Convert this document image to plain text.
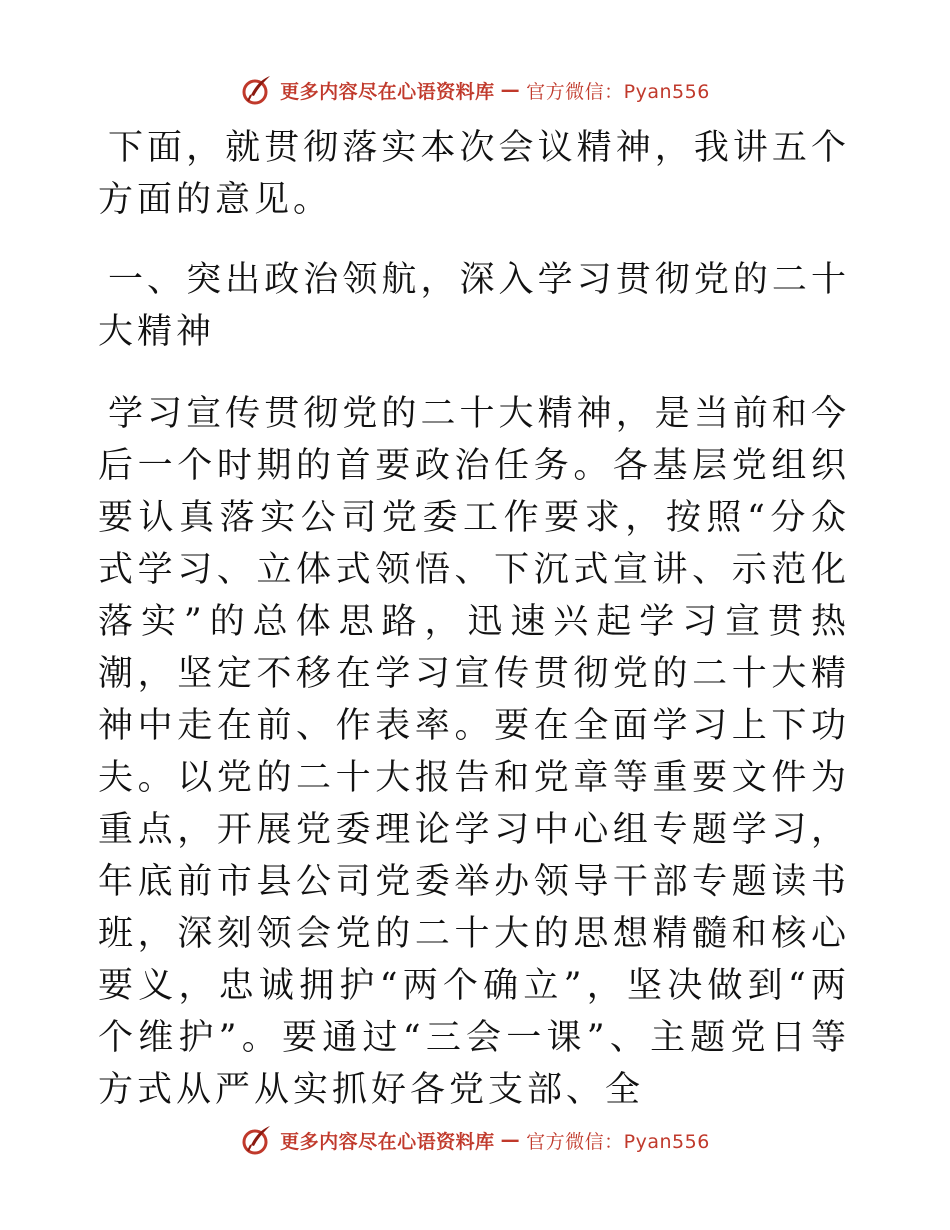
更多内容尽在心语资料库 — 官方微信：Pyan556

下面，就贯彻落实本次会议精神，我讲五个方面的意见。

一、突出政治领航，深入学习贯彻党的二十大精神

学习宣传贯彻党的二十大精神，是当前和今后一个时期的首要政治任务。各基层党组织要认真落实公司党委工作要求，按照“分众式学习、立体式领悟、下沉式宣讲、示范化落实”的总体思路，迅速兴起学习宣贯热潮，坚定不移在学习宣传贯彻党的二十大精神中走在前、作表率。要在全面学习上下功夫。以党的二十大报告和党章等重要文件为重点，开展党委理论学习中心组专题学习，年底前市县公司党委举办领导干部专题读书班，深刻领会党的二十大的思想精髓和核心要义，忠诚拥护“两个确立”，坚决做到“两个维护”。要通过“三会一课”、主题党日等方式从严从实抓好各党支部、全

更多内容尽在心语资料库 — 官方微信：Pyan556
